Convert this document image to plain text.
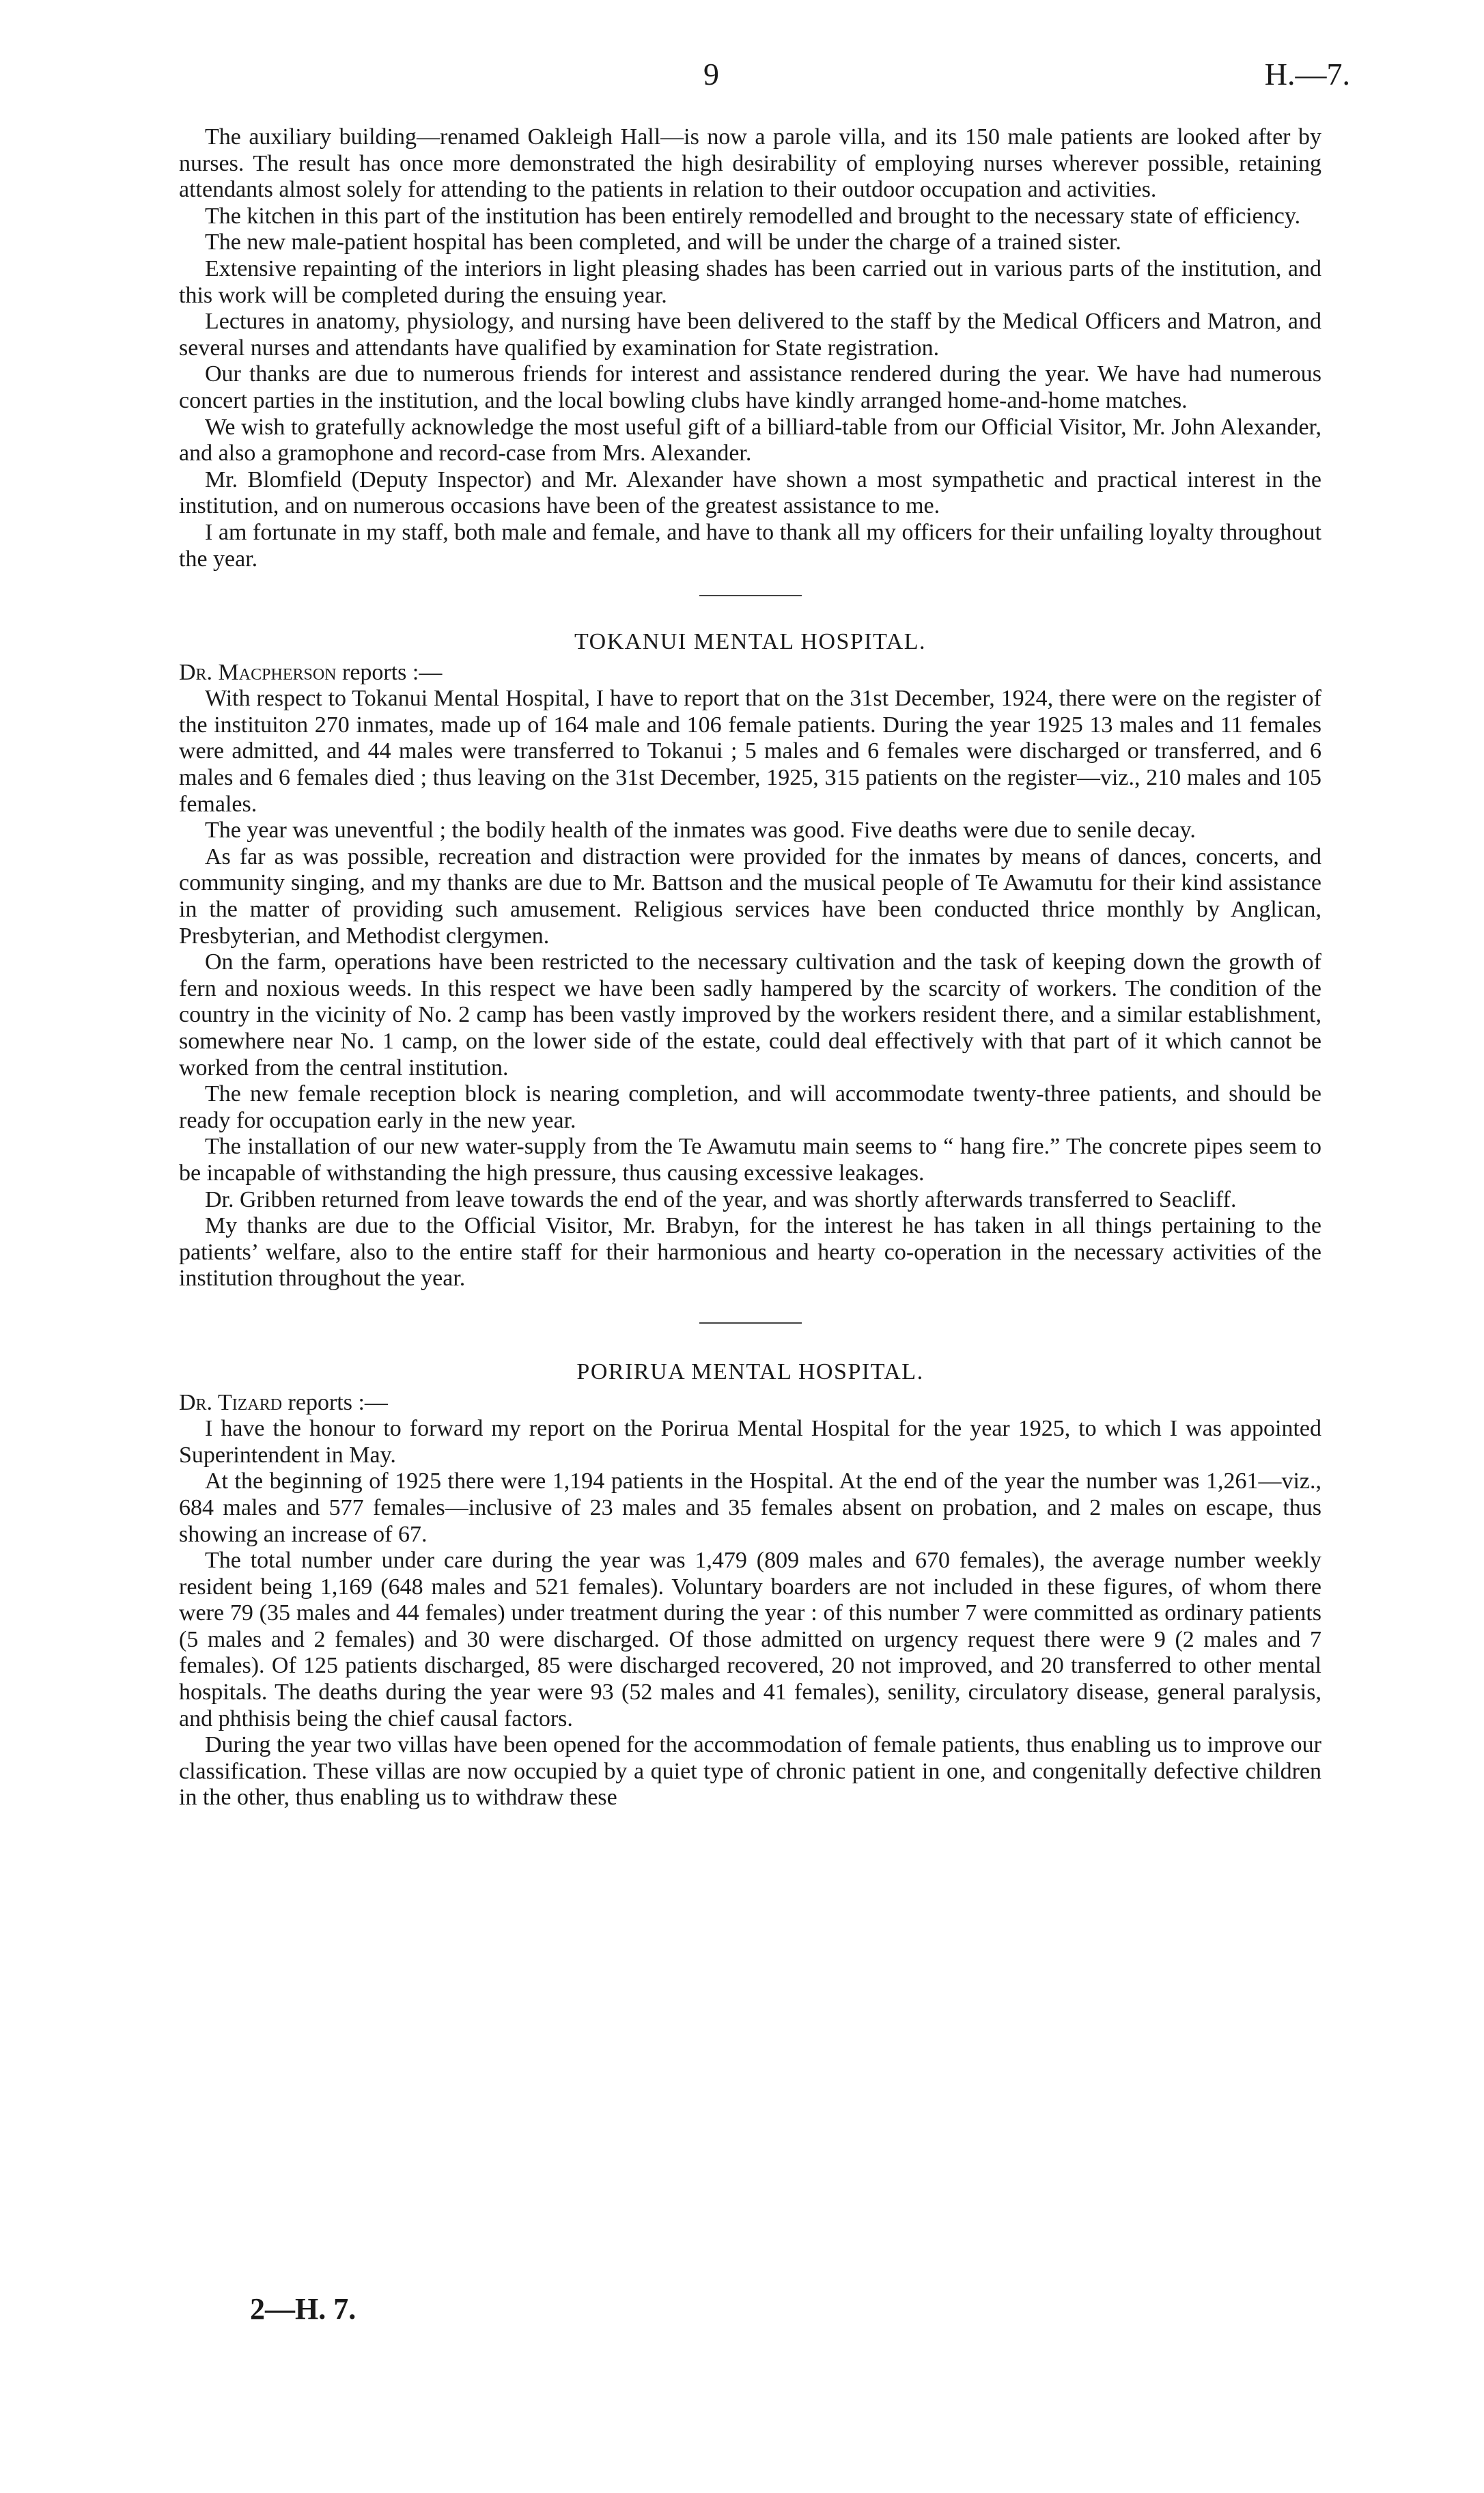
9	H.—7.

The auxiliary building—renamed Oakleigh Hall—is now a parole villa, and its 150 male patients are looked after by nurses. The result has once more demonstrated the high desirability of employing nurses wherever possible, retaining attendants almost solely for attending to the patients in relation to their outdoor occupation and activities.

The kitchen in this part of the institution has been entirely remodelled and brought to the necessary state of efficiency.

The new male-patient hospital has been completed, and will be under the charge of a trained sister.

Extensive repainting of the interiors in light pleasing shades has been carried out in various parts of the institution, and this work will be completed during the ensuing year.

Lectures in anatomy, physiology, and nursing have been delivered to the staff by the Medical Officers and Matron, and several nurses and attendants have qualified by examination for State registration.

Our thanks are due to numerous friends for interest and assistance rendered during the year. We have had numerous concert parties in the institution, and the local bowling clubs have kindly arranged home-and-home matches.

We wish to gratefully acknowledge the most useful gift of a billiard-table from our Official Visitor, Mr. John Alexander, and also a gramophone and record-case from Mrs. Alexander.

Mr. Blomfield (Deputy Inspector) and Mr. Alexander have shown a most sympathetic and practical interest in the institution, and on numerous occasions have been of the greatest assistance to me.

I am fortunate in my staff, both male and female, and have to thank all my officers for their unfailing loyalty throughout the year.

TOKANUI MENTAL HOSPITAL.
Dr. Macpherson reports :—

With respect to Tokanui Mental Hospital, I have to report that on the 31st December, 1924, there were on the register of the instituiton 270 inmates, made up of 164 male and 106 female patients. During the year 1925 13 males and 11 females were admitted, and 44 males were transferred to Tokanui ; 5 males and 6 females were discharged or transferred, and 6 males and 6 females died ; thus leaving on the 31st December, 1925, 315 patients on the register—viz., 210 males and 105 females.

The year was uneventful ; the bodily health of the inmates was good. Five deaths were due to senile decay.

As far as was possible, recreation and distraction were provided for the inmates by means of dances, concerts, and community singing, and my thanks are due to Mr. Battson and the musical people of Te Awamutu for their kind assistance in the matter of providing such amusement. Religious services have been conducted thrice monthly by Anglican, Presbyterian, and Methodist clergymen.

On the farm, operations have been restricted to the necessary cultivation and the task of keeping down the growth of fern and noxious weeds. In this respect we have been sadly hampered by the scarcity of workers. The condition of the country in the vicinity of No. 2 camp has been vastly improved by the workers resident there, and a similar establishment, somewhere near No. 1 camp, on the lower side of the estate, could deal effectively with that part of it which cannot be worked from the central institution.

The new female reception block is nearing completion, and will accommodate twenty-three patients, and should be ready for occupation early in the new year.

The installation of our new water-supply from the Te Awamutu main seems to “ hang fire.” The concrete pipes seem to be incapable of withstanding the high pressure, thus causing excessive leakages.

Dr. Gribben returned from leave towards the end of the year, and was shortly afterwards transferred to Seacliff.

My thanks are due to the Official Visitor, Mr. Brabyn, for the interest he has taken in all things pertaining to the patients’ welfare, also to the entire staff for their harmonious and hearty co-operation in the necessary activities of the institution throughout the year.

PORIRUA MENTAL HOSPITAL.
Dr. Tizard reports :—

I have the honour to forward my report on the Porirua Mental Hospital for the year 1925, to which I was appointed Superintendent in May.

At the beginning of 1925 there were 1,194 patients in the Hospital. At the end of the year the number was 1,261—viz., 684 males and 577 females—inclusive of 23 males and 35 females absent on probation, and 2 males on escape, thus showing an increase of 67.

The total number under care during the year was 1,479 (809 males and 670 females), the average number weekly resident being 1,169 (648 males and 521 females). Voluntary boarders are not included in these figures, of whom there were 79 (35 males and 44 females) under treatment during the year : of this number 7 were committed as ordinary patients (5 males and 2 females) and 30 were discharged. Of those admitted on urgency request there were 9 (2 males and 7 females). Of 125 patients discharged, 85 were discharged recovered, 20 not improved, and 20 transferred to other mental hospitals. The deaths during the year were 93 (52 males and 41 females), senility, circulatory disease, general paralysis, and phthisis being the chief causal factors.

During the year two villas have been opened for the accommodation of female patients, thus enabling us to improve our classification. These villas are now occupied by a quiet type of chronic patient in one, and congenitally defective children in the other, thus enabling us to withdraw these

2—H. 7.
